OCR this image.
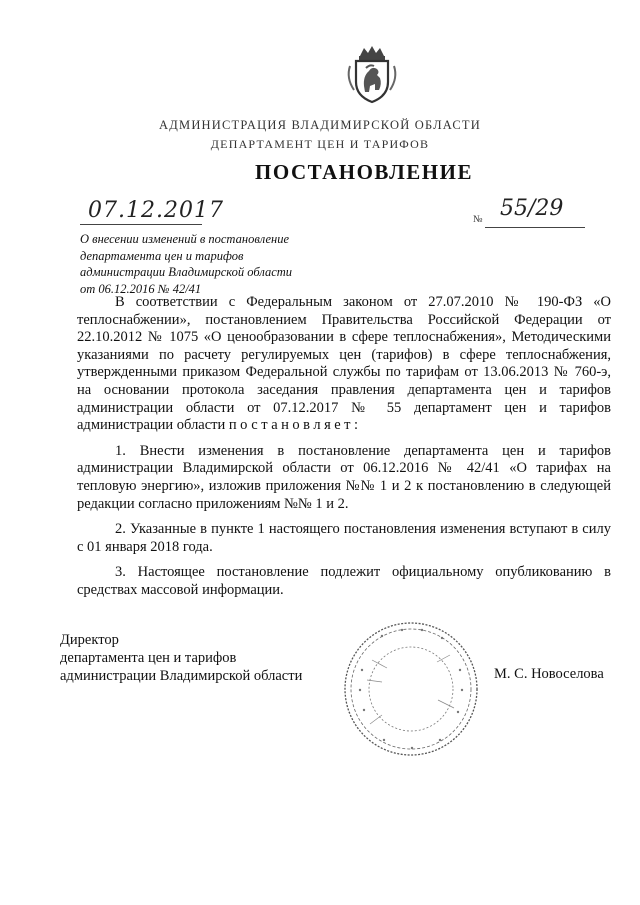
АДМИНИСТРАЦИЯ ВЛАДИМИРСКОЙ ОБЛАСТИ
ДЕПАРТАМЕНТ ЦЕН И ТАРИФОВ
ПОСТАНОВЛЕНИЕ
07.12.2017	№ 55/29
О внесении изменений в постановление
департамента цен и тарифов
администрации Владимирской области
от 06.12.2016 № 42/41

В соответствии с Федеральным законом от 27.07.2010 № 190-ФЗ «О теплоснабжении», постановлением Правительства Российской Федерации от 22.10.2012 № 1075 «О ценообразовании в сфере теплоснабжения», Методическими указаниями по расчету регулируемых цен (тарифов) в сфере теплоснабжения, утвержденными приказом Федеральной службы по тарифам от 13.06.2013 № 760-э, на основании протокола заседания правления департамента цен и тарифов администрации области от 07.12.2017 № 55 департамент цен и тарифов администрации области постановляет:

1. Внести изменения в постановление департамента цен и тарифов администрации Владимирской области от 06.12.2016 № 42/41 «О тарифах на тепловую энергию», изложив приложения №№ 1 и 2 к постановлению в следующей редакции согласно приложениям №№ 1 и 2.

2. Указанные в пункте 1 настоящего постановления изменения вступают в силу с 01 января 2018 года.

3. Настоящее постановление подлежит официальному опубликованию в средствах массовой информации.

Директор
департамента цен и тарифов
администрации Владимирской области	М. С. Новоселова
